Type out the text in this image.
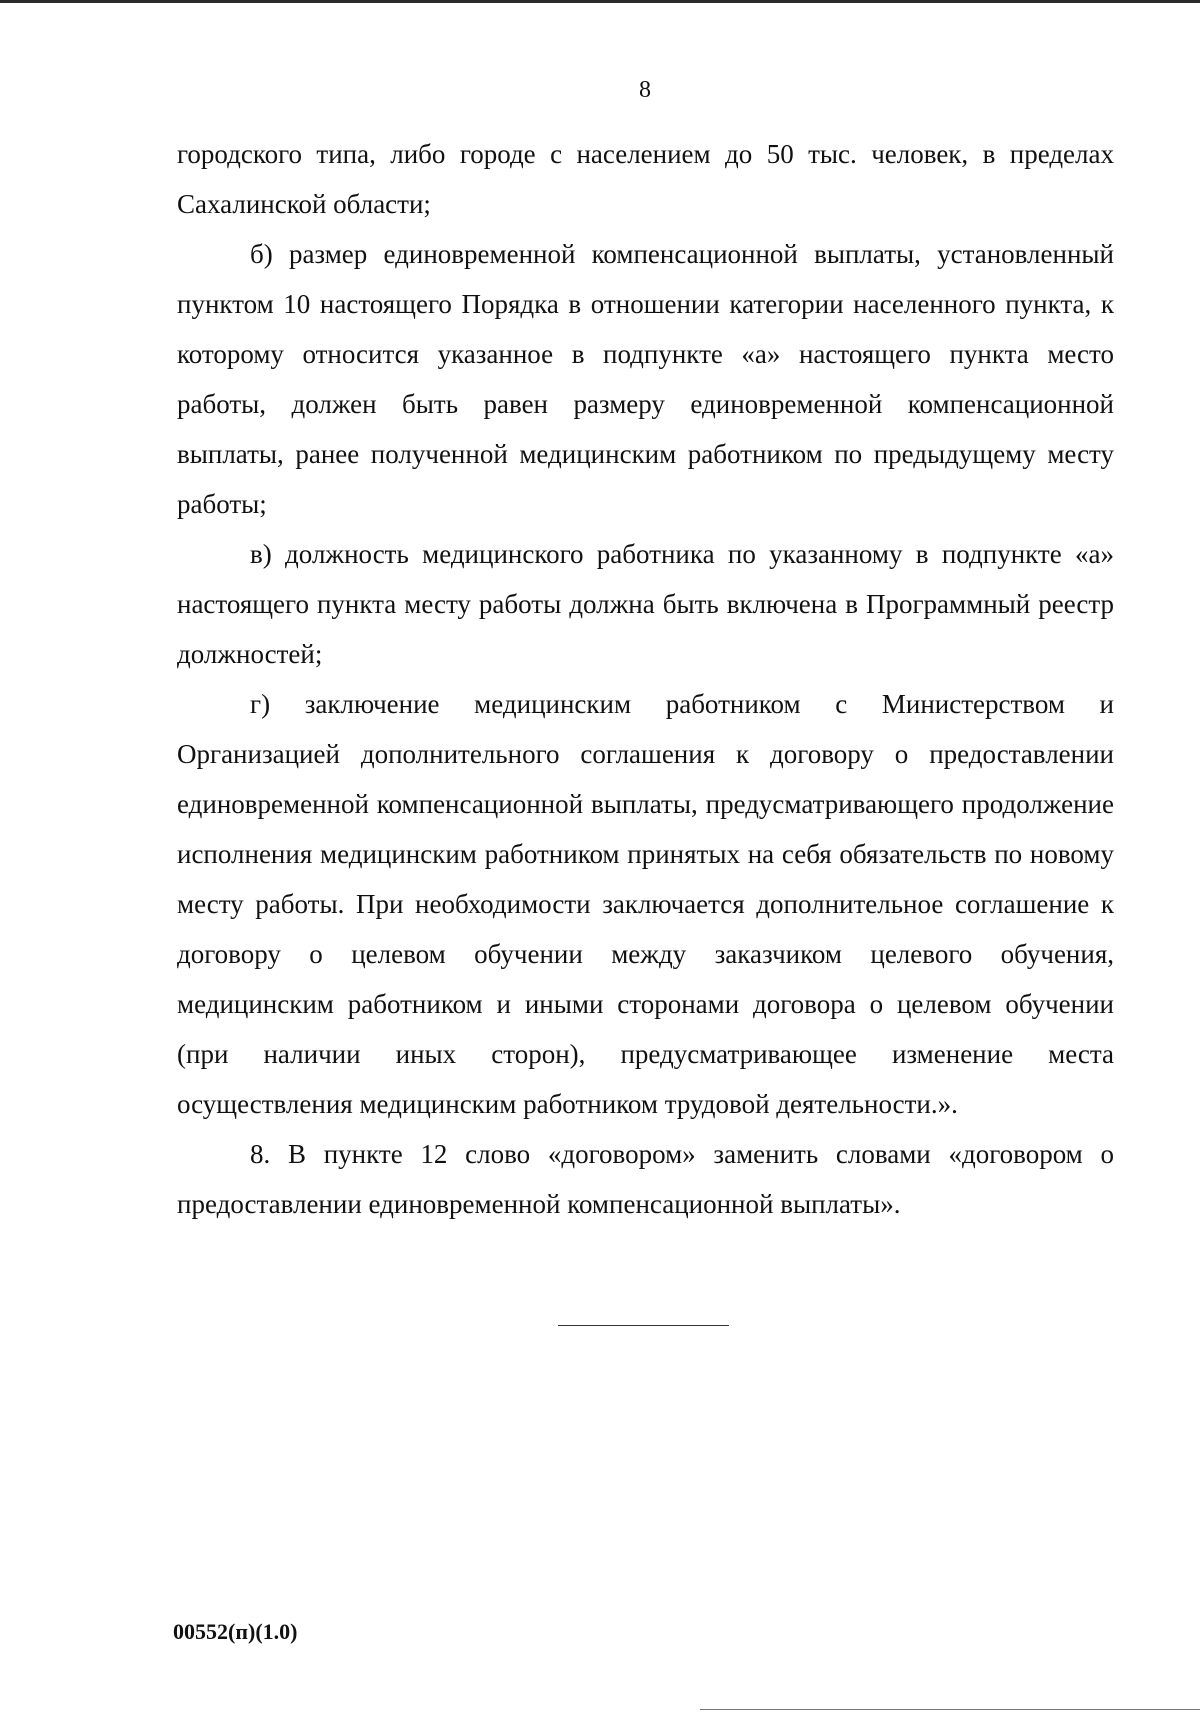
8

городского типа, либо городе с населением до 50 тыс. человек, в пределах Сахалинской области;

б) размер единовременной компенсационной выплаты, установленный пунктом 10 настоящего Порядка в отношении категории населенного пункта, к которому относится указанное в подпункте «а» настоящего пункта место работы, должен быть равен размеру единовременной компенсационной выплаты, ранее полученной медицинским работником по предыдущему месту работы;

в) должность медицинского работника по указанному в подпункте «а» настоящего пункта месту работы должна быть включена в Программный реестр должностей;

г) заключение медицинским работником с Министерством и Организацией дополнительного соглашения к договору о предоставлении единовременной компенсационной выплаты, предусматривающего продолжение исполнения медицинским работником принятых на себя обязательств по новому месту работы. При необходимости заключается дополнительное соглашение к договору о целевом обучении между заказчиком целевого обучения, медицинским работником и иными сторонами договора о целевом обучении (при наличии иных сторон), предусматривающее изменение места осуществления медицинским работником трудовой деятельности.».

8. В пункте 12 слово «договором» заменить словами «договором о предоставлении единовременной компенсационной выплаты».

00552(п)(1.0)
